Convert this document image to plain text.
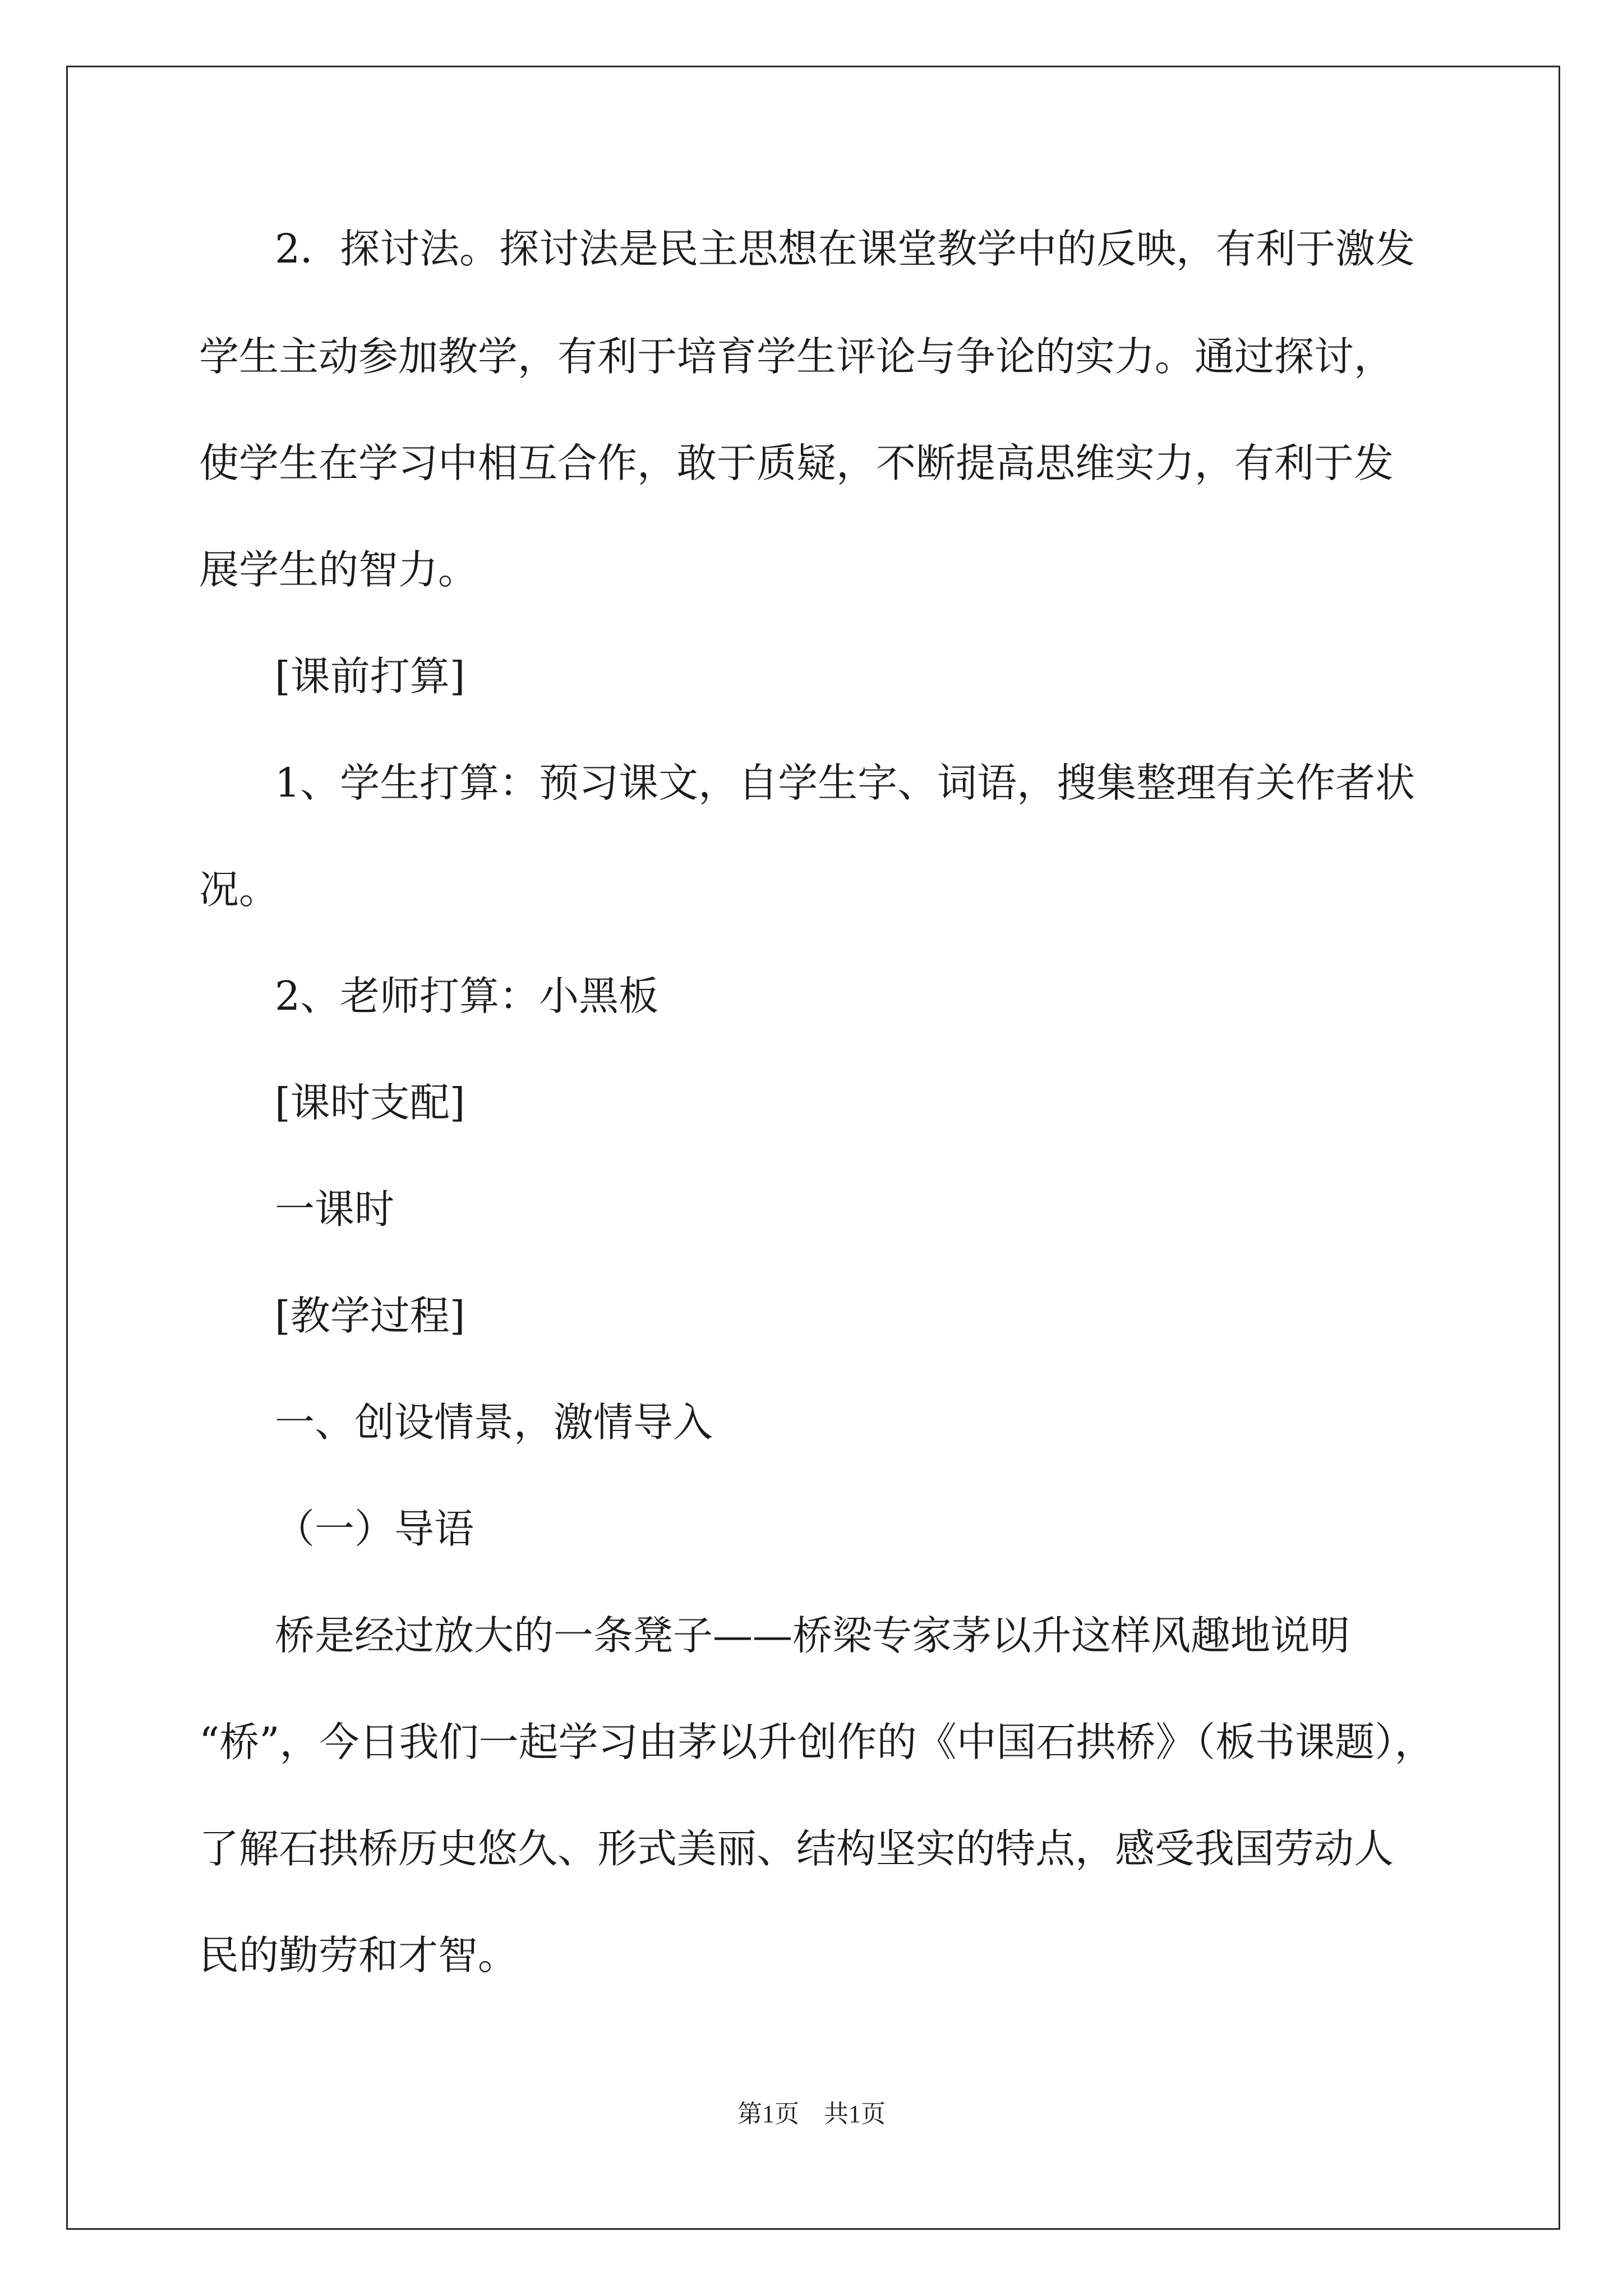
2．探讨法。探讨法是民主思想在课堂教学中的反映，有利于激发
学生主动参加教学，有利于培育学生评论与争论的实力。通过探讨，
使学生在学习中相互合作，敢于质疑，不断提高思维实力，有利于发
展学生的智力。
[课前打算]
1、学生打算：预习课文，自学生字、词语，搜集整理有关作者状
况。
2、老师打算：小黑板
[课时支配]
一课时
[教学过程]
一、创设情景，激情导入
（一）导语
桥是经过放大的一条凳子——桥梁专家茅以升这样风趣地说明
“桥”，今日我们一起学习由茅以升创作的《中国石拱桥》（板书课题），
了解石拱桥历史悠久、形式美丽、结构坚实的特点，感受我国劳动人
民的勤劳和才智。
第1页　共1页
